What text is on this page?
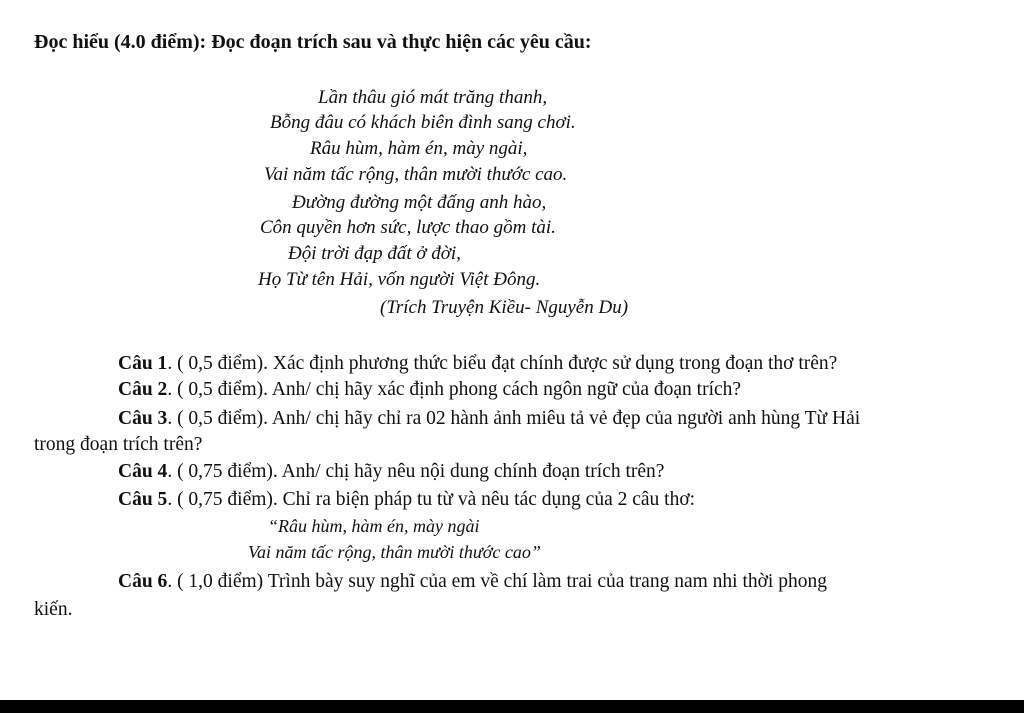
Đọc hiểu (4.0 điểm): Đọc đoạn trích sau và thực hiện các yêu cầu:
Lần thâu gió mát trăng thanh,
Bỗng đâu có khách biên đình sang chơi.
Râu hùm, hàm én, mày ngài,
Vai năm tấc rộng, thân mười thước cao.
Đường đường một đấng anh hào,
Côn quyền hơn sức, lược thao gồm tài.
Đội trời đạp đất ở đời,
Họ Từ tên Hải, vốn người Việt Đông.
(Trích Truyện Kiều- Nguyễn Du)
Câu 1. ( 0,5 điểm). Xác định phương thức biểu đạt chính được sử dụng trong đoạn thơ trên?
Câu 2. ( 0,5 điểm). Anh/ chị hãy xác định phong cách ngôn ngữ của đoạn trích?
Câu 3. ( 0,5 điểm). Anh/ chị hãy chỉ ra 02 hành ảnh miêu tả vẻ đẹp của người anh hùng Từ Hải
trong đoạn trích trên?
Câu 4. ( 0,75 điểm). Anh/ chị hãy nêu nội dung chính đoạn trích trên?
Câu 5. ( 0,75 điểm). Chỉ ra biện pháp tu từ và nêu tác dụng của 2 câu thơ:
“Râu hùm, hàm én, mày ngài
Vai năm tấc rộng, thân mười thước cao”
Câu 6. ( 1,0 điểm) Trình bày suy nghĩ của em về chí làm trai của trang nam nhi thời phong
kiến.
